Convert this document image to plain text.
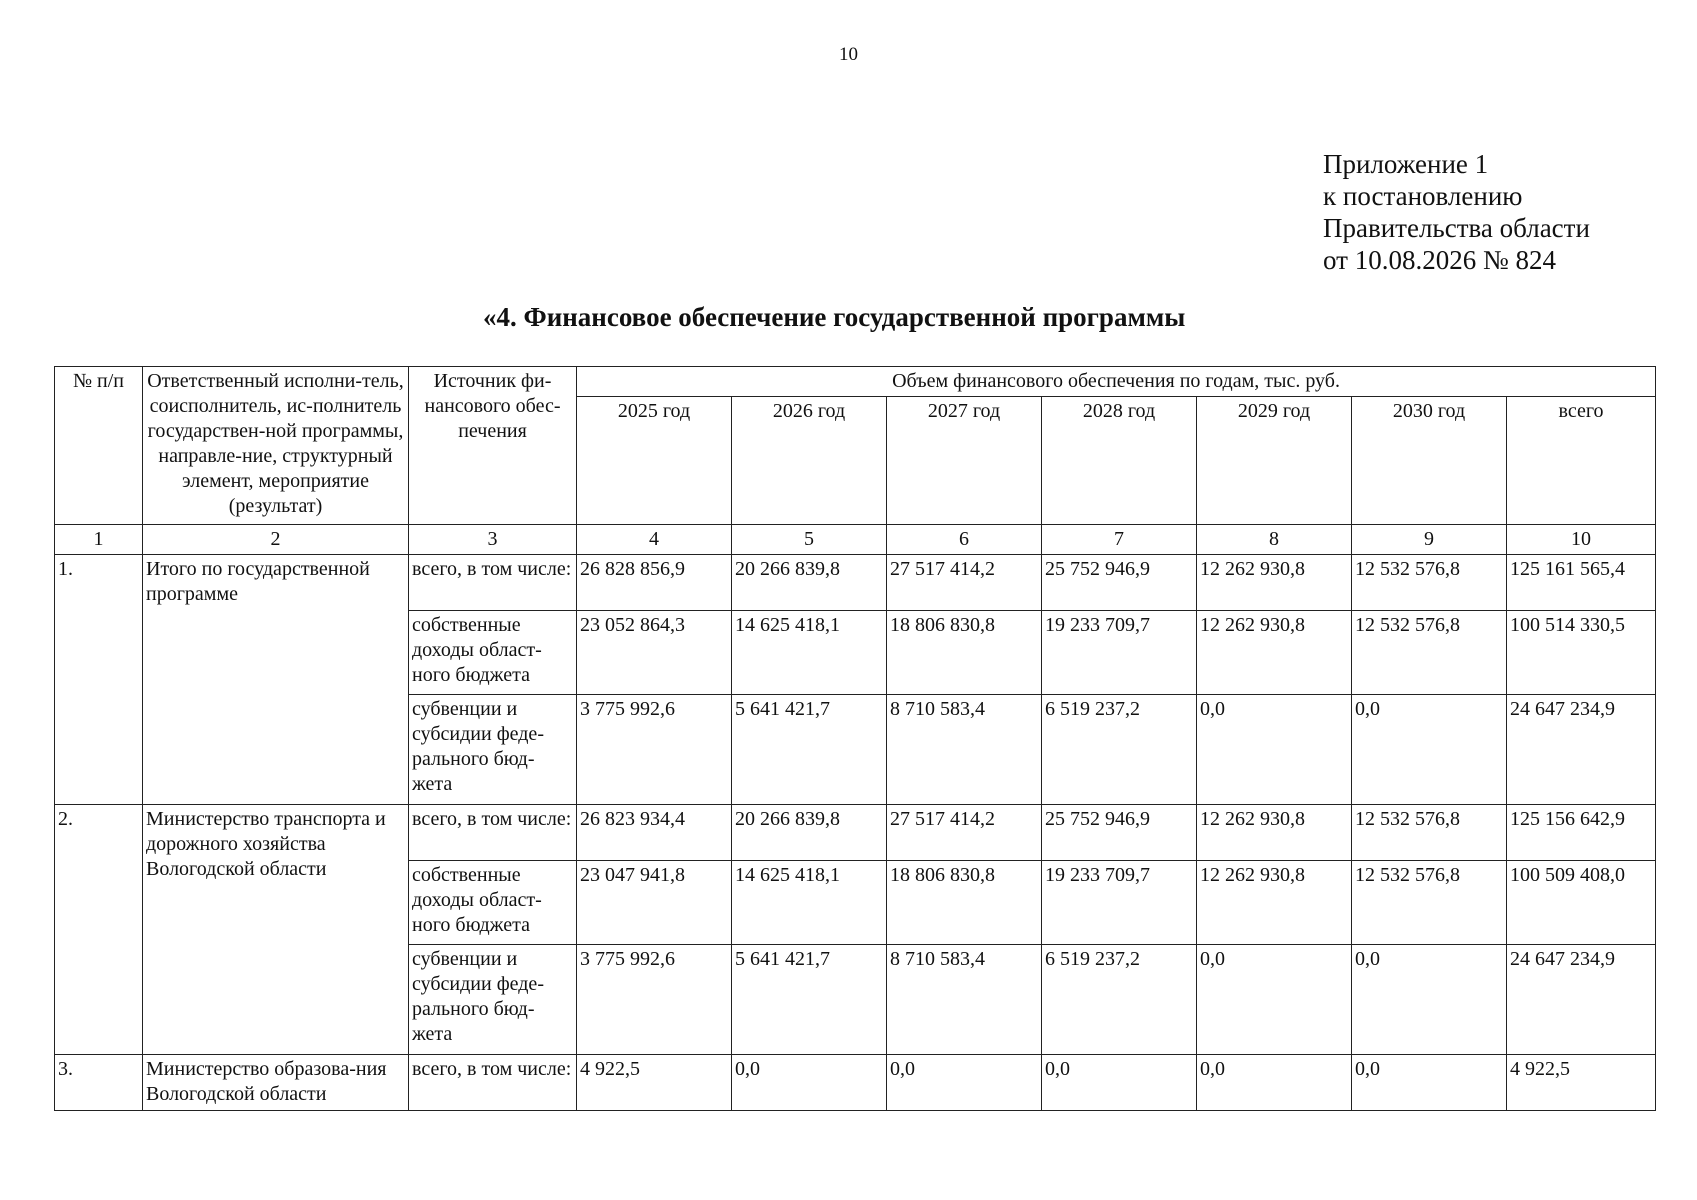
10
Приложение 1
к постановлению
Правительства области
от 10.08.2026 № 824
«4. Финансовое обеспечение государственной программы
№ п/п	Ответственный исполни-тель, соисполнитель, ис-полнитель государствен-ной программы, направле-ние, структурный элемент, мероприятие (результат)	Источник фи-нансового обес-печения	Объем финансового обеспечения по годам, тыс. руб.						
			2025 год	2026 год	2027 год	2028 год	2029 год	2030 год	всего
1	2	3	4	5	6	7	8	9	10
1.	Итого по государственной программе	всего, в том числе:	26 828 856,9	20 266 839,8	27 517 414,2	25 752 946,9	12 262 930,8	12 532 576,8	125 161 565,4
		собственные доходы област-ного бюджета	23 052 864,3	14 625 418,1	18 806 830,8	19 233 709,7	12 262 930,8	12 532 576,8	100 514 330,5
		субвенции и субсидии феде-рального бюд-жета	3 775 992,6	5 641 421,7	8 710 583,4	6 519 237,2	0,0	0,0	24 647 234,9
2.	Министерство транспорта и дорожного хозяйства Вологодской области	всего, в том числе:	26 823 934,4	20 266 839,8	27 517 414,2	25 752 946,9	12 262 930,8	12 532 576,8	125 156 642,9
		собственные доходы област-ного бюджета	23 047 941,8	14 625 418,1	18 806 830,8	19 233 709,7	12 262 930,8	12 532 576,8	100 509 408,0
		субвенции и субсидии феде-рального бюд-жета	3 775 992,6	5 641 421,7	8 710 583,4	6 519 237,2	0,0	0,0	24 647 234,9
3.	Министерство образова-ния Вологодской области	всего, в том числе:	4 922,5	0,0	0,0	0,0	0,0	0,0	4 922,5
